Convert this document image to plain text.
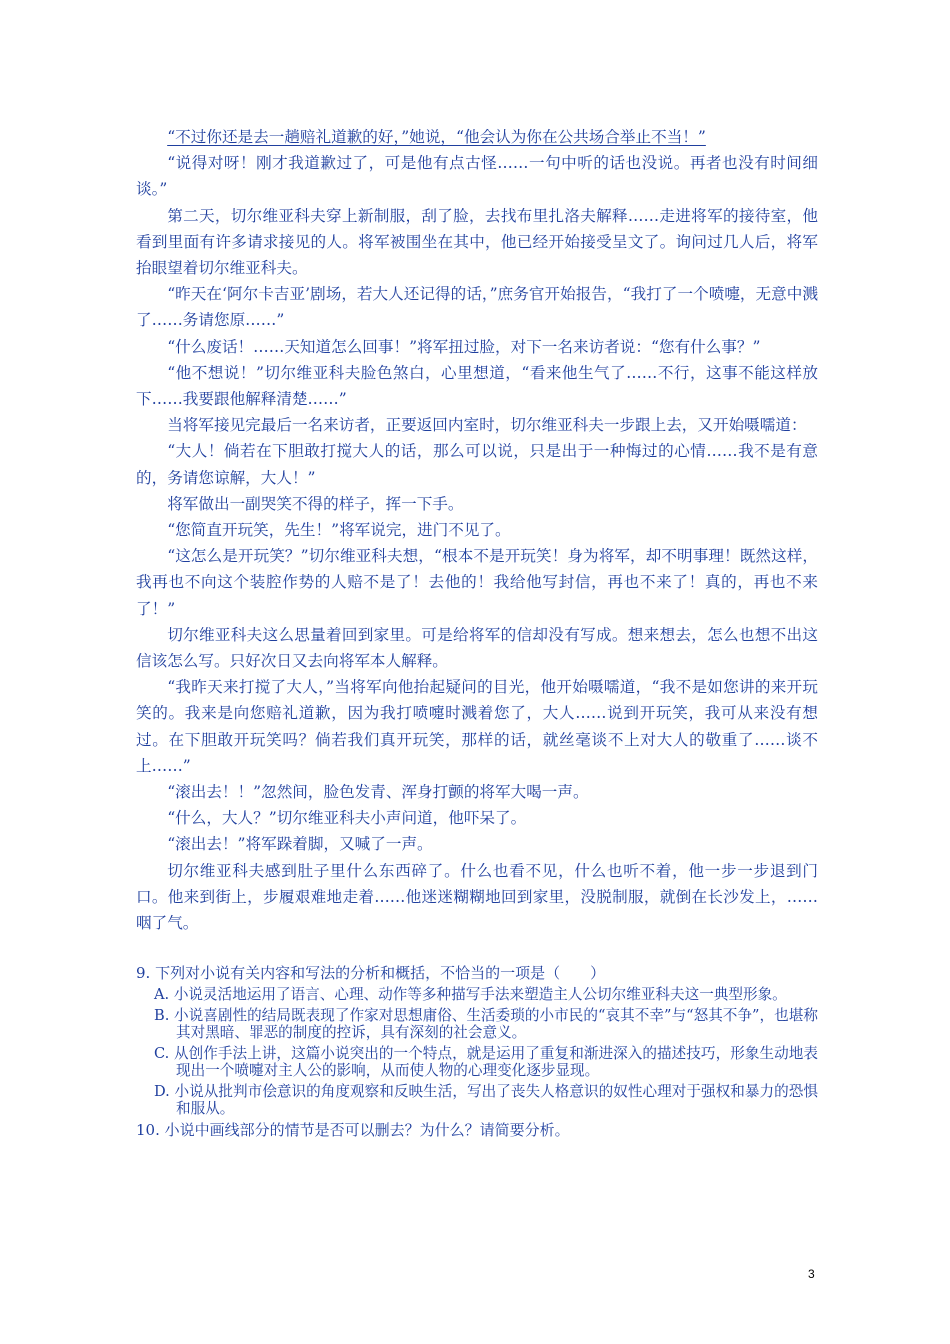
“不过你还是去一趟赔礼道歉的好，”她说，“他会认为你在公共场合举止不当！”

“说得对呀！刚才我道歉过了，可是他有点古怪……一句中听的话也没说。再者也没有时间细谈。”

第二天，切尔维亚科夫穿上新制服，刮了脸，去找布里扎洛夫解释……走进将军的接待室，他看到里面有许多请求接见的人。将军被围坐在其中，他已经开始接受呈文了。询问过几人后，将军抬眼望着切尔维亚科夫。

“昨天在‘阿尔卡吉亚’剧场，若大人还记得的话，”庶务官开始报告，“我打了一个喷嚏，无意中溅了……务请您原……”

“什么废话！……天知道怎么回事！”将军扭过脸，对下一名来访者说：“您有什么事？”

“他不想说！”切尔维亚科夫脸色煞白，心里想道，“看来他生气了……不行，这事不能这样放下……我要跟他解释清楚……”

当将军接见完最后一名来访者，正要返回内室时，切尔维亚科夫一步跟上去，又开始嗫嚅道：

“大人！倘若在下胆敢打搅大人的话，那么可以说，只是出于一种悔过的心情……我不是有意的，务请您谅解，大人！”

将军做出一副哭笑不得的样子，挥一下手。

“您简直开玩笑，先生！”将军说完，进门不见了。

“这怎么是开玩笑？”切尔维亚科夫想，“根本不是开玩笑！身为将军，却不明事理！既然这样，我再也不向这个装腔作势的人赔不是了！去他的！我给他写封信，再也不来了！真的，再也不来了！”

切尔维亚科夫这么思量着回到家里。可是给将军的信却没有写成。想来想去，怎么也想不出这信该怎么写。只好次日又去向将军本人解释。

“我昨天来打搅了大人，”当将军向他抬起疑问的目光，他开始嗫嚅道，“我不是如您讲的来开玩笑的。我来是向您赔礼道歉，因为我打喷嚏时溅着您了，大人……说到开玩笑，我可从来没有想过。在下胆敢开玩笑吗？倘若我们真开玩笑，那样的话，就丝毫谈不上对大人的敬重了……谈不上……”

“滚出去！！”忽然间，脸色发青、浑身打颤的将军大喝一声。

“什么，大人？”切尔维亚科夫小声问道，他吓呆了。

“滚出去！”将军跺着脚，又喊了一声。

切尔维亚科夫感到肚子里什么东西碎了。什么也看不见，什么也听不着，他一步一步退到门口。他来到街上，步履艰难地走着……他迷迷糊糊地回到家里，没脱制服，就倒在长沙发上，……咽了气。

9. 下列对小说有关内容和写法的分析和概括，不恰当的一项是（　　）

A. 小说灵活地运用了语言、心理、动作等多种描写手法来塑造主人公切尔维亚科夫这一典型形象。

B. 小说喜剧性的结局既表现了作家对思想庸俗、生活委琐的小市民的“哀其不幸”与“怒其不争”，也堪称其对黑暗、罪恶的制度的控诉，具有深刻的社会意义。

C. 从创作手法上讲，这篇小说突出的一个特点，就是运用了重复和渐进深入的描述技巧，形象生动地表现出一个喷嚏对主人公的影响，从而使人物的心理变化逐步显现。

D. 小说从批判市侩意识的角度观察和反映生活，写出了丧失人格意识的奴性心理对于强权和暴力的恐惧和服从。

10. 小说中画线部分的情节是否可以删去？为什么？请简要分析。

3
